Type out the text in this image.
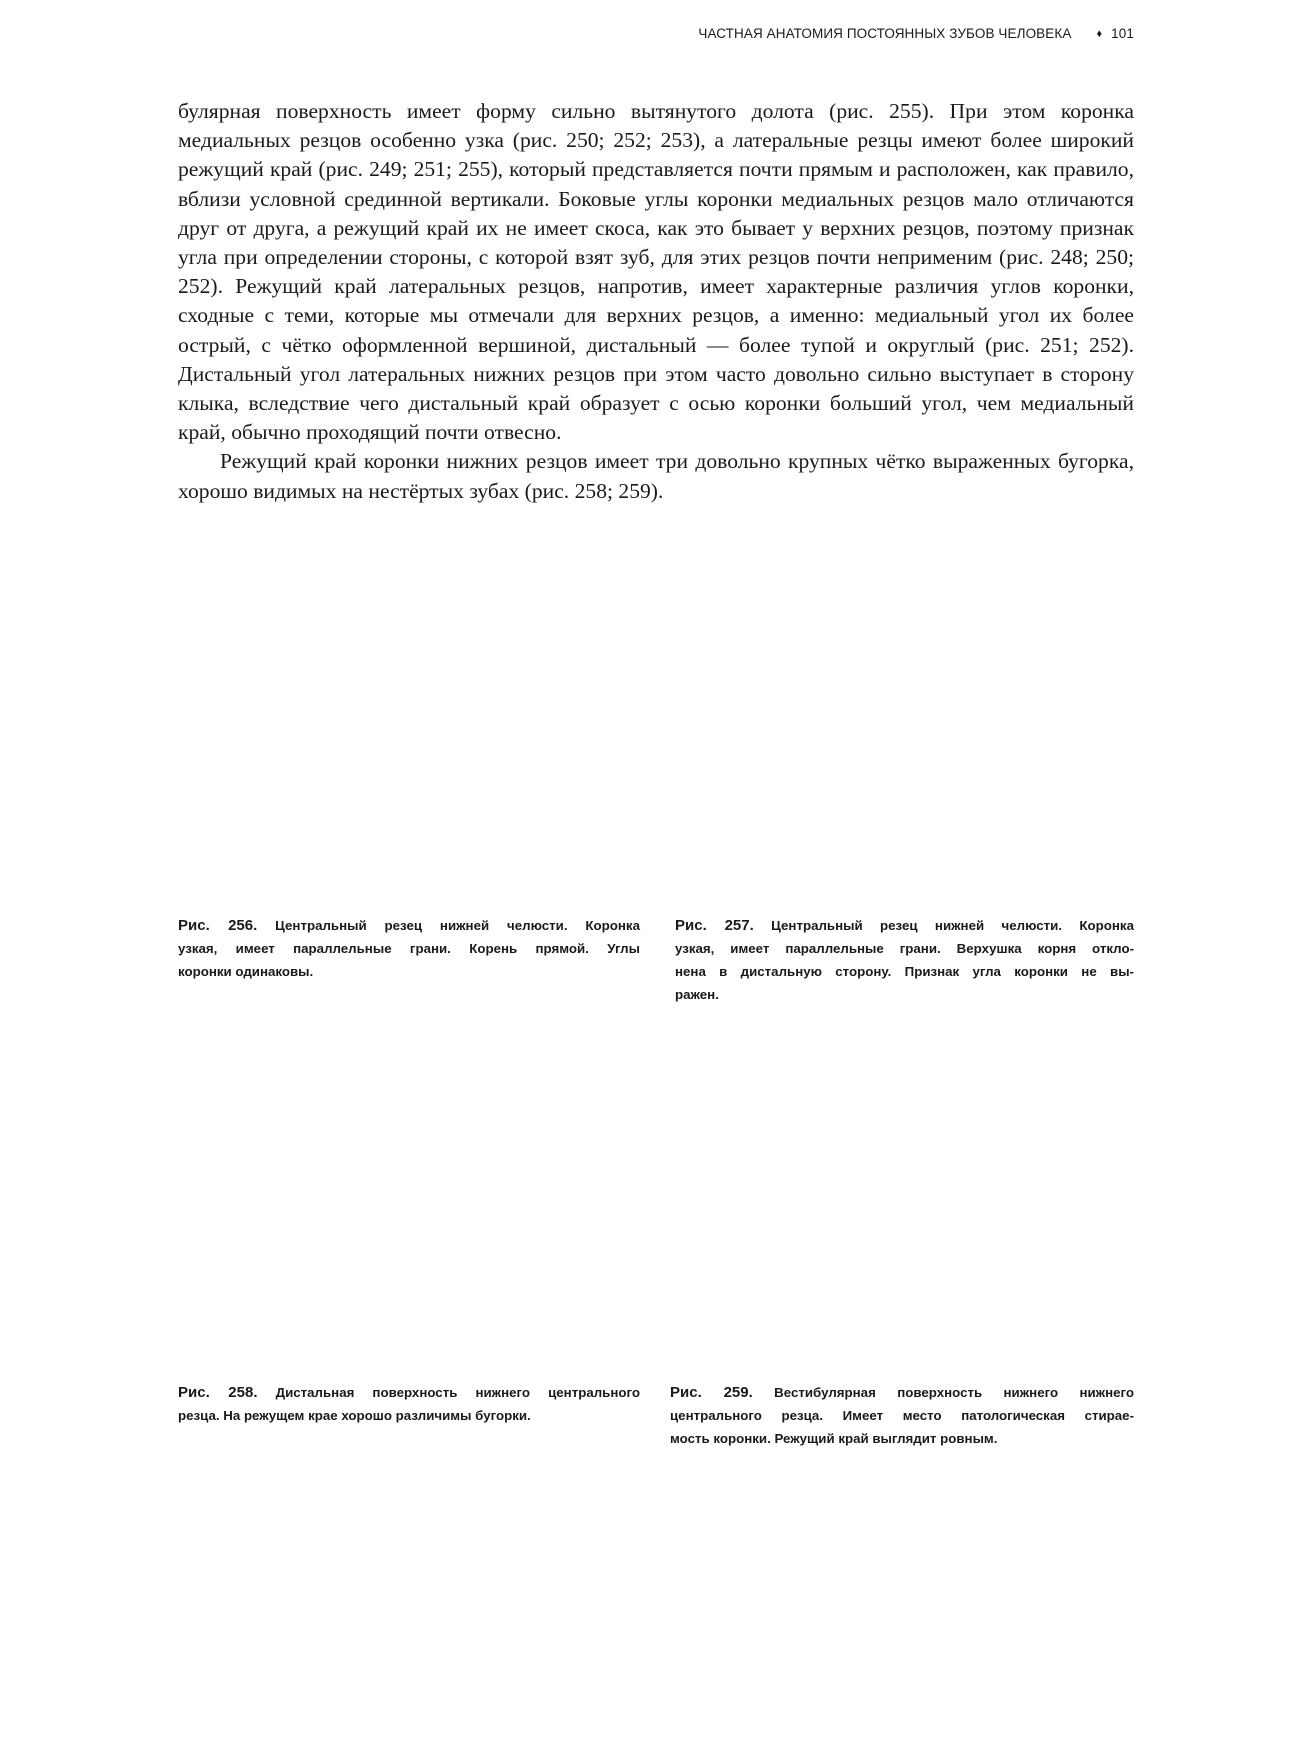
ЧАСТНАЯ АНАТОМИЯ ПОСТОЯННЫХ ЗУБОВ ЧЕЛОВЕКА ♦ 101

булярная поверхность имеет форму сильно вытянутого долота (рис. 255). При этом коронка медиальных резцов особенно узка (рис. 250; 252; 253), а латеральные резцы имеют более широкий режущий край (рис. 249; 251; 255), который представляется почти прямым и расположен, как правило, вблизи условной срединной вертикали. Боковые углы коронки медиальных резцов мало отличаются друг от друга, а режущий край их не имеет скоса, как это бывает у верхних резцов, поэтому признак угла при определении стороны, с которой взят зуб, для этих резцов почти неприменим (рис. 248; 250; 252). Режущий край латеральных резцов, напротив, имеет характерные различия углов коронки, сходные с теми, которые мы отмечали для верхних резцов, а именно: медиальный угол их более острый, с чётко оформленной вершиной, дистальный — более тупой и округлый (рис. 251; 252). Дистальный угол латеральных нижних резцов при этом часто довольно сильно выступает в сторону клыка, вследствие чего дистальный край образует с осью коронки больший угол, чем медиальный край, обычно проходящий почти отвесно.

Режущий край коронки нижних резцов имеет три довольно крупных чётко выраженных бугорка, хорошо видимых на нестёртых зубах (рис. 258; 259).

Рис. 256. Центральный резец нижней челюсти. Коронка
узкая, имеет параллельные грани. Корень прямой. Углы
коронки одинаковы.
Рис. 257. Центральный резец нижней челюсти. Коронка
узкая, имеет параллельные грани. Верхушка корня откло-
нена в дистальную сторону. Признак угла коронки не вы-
ражен.
Рис. 258. Дистальная поверхность нижнего центрального
резца. На режущем крае хорошо различимы бугорки.
Рис. 259. Вестибулярная поверхность нижнего нижнего
центрального резца. Имеет место патологическая стирае-
мость коронки. Режущий край выглядит ровным.
